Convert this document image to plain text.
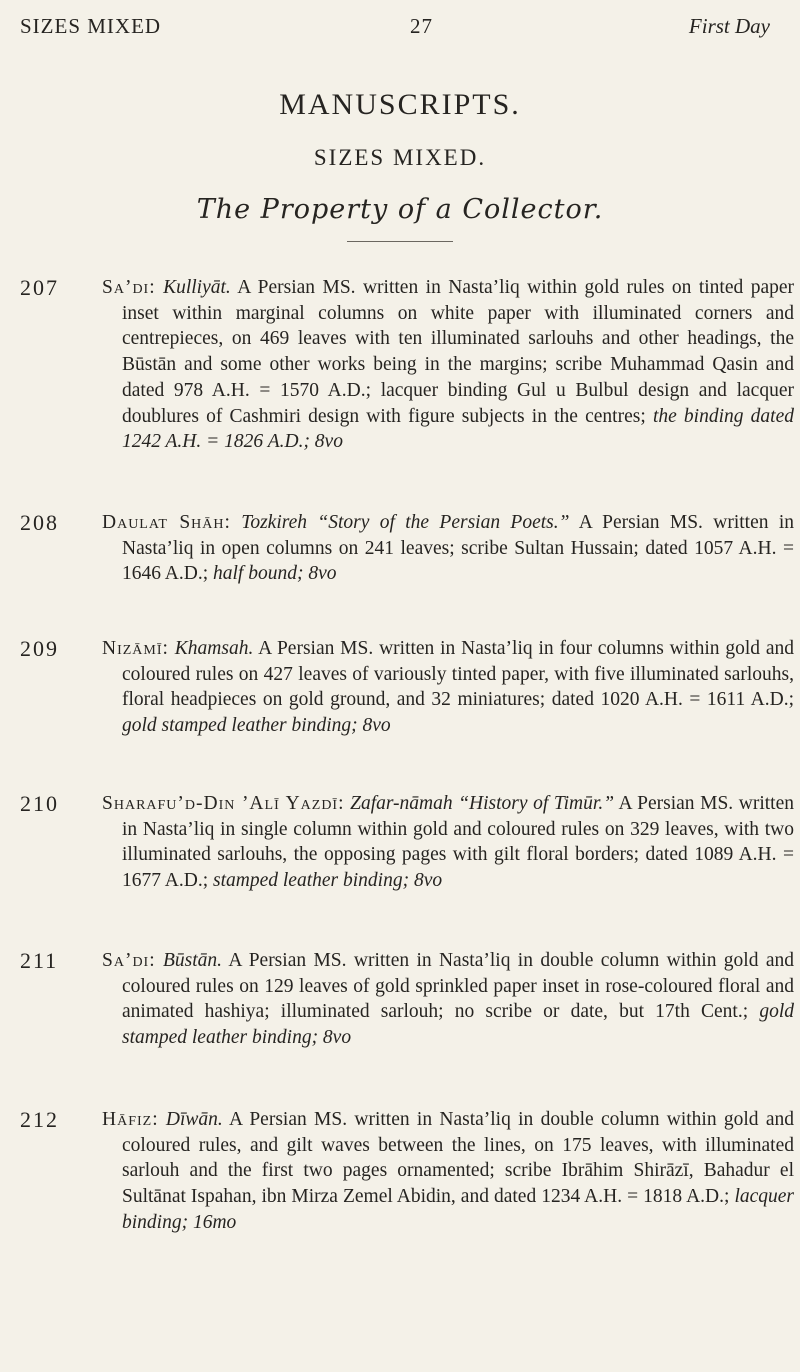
SIZES MIXED	27	First Day
MANUSCRIPTS.
SIZES MIXED.
The Property of a Collector.
207 Sa’di: Kulliyāt. A Persian MS. written in Nasta’liq within gold rules on tinted paper inset within marginal columns on white paper with illuminated corners and centrepieces, on 469 leaves with ten illuminated sarlouhs and other headings, the Būstān and some other works being in the margins; scribe Muhammad Qasin and dated 978 A.H. = 1570 A.D.; lacquer binding Gul u Bulbul design and lacquer doublures of Cashmiri design with figure subjects in the centres; the binding dated 1242 A.H. = 1826 A.D.; 8vo
208 Daulat Shāh: Tozkireh “Story of the Persian Poets.” A Persian MS. written in Nasta’liq in open columns on 241 leaves; scribe Sultan Hussain; dated 1057 A.H. = 1646 A.D.; half bound; 8vo
209 Nizāmī: Khamsah. A Persian MS. written in Nasta’liq in four columns within gold and coloured rules on 427 leaves of variously tinted paper, with five illuminated sarlouhs, floral headpieces on gold ground, and 32 miniatures; dated 1020 A.H. = 1611 A.D.; gold stamped leather binding; 8vo
210 Sharafu’d-Din ’Alī Yazdī: Zafar-nāmah “History of Timūr.” A Persian MS. written in Nasta’liq in single column within gold and coloured rules on 329 leaves, with two illuminated sarlouhs, the opposing pages with gilt floral borders; dated 1089 A.H. = 1677 A.D.; stamped leather binding; 8vo
211 Sa’di: Būstān. A Persian MS. written in Nasta’liq in double column within gold and coloured rules on 129 leaves of gold sprinkled paper inset in rose-coloured floral and animated hashiya; illuminated sarlouh; no scribe or date, but 17th Cent.; gold stamped leather binding; 8vo
212 Hāfiz: Dīwān. A Persian MS. written in Nasta’liq in double column within gold and coloured rules, and gilt waves between the lines, on 175 leaves, with illuminated sarlouh and the first two pages ornamented; scribe Ibrāhim Shirāzī, Bahadur el Sultānat Ispahan, ibn Mirza Zemel Abidin, and dated 1234 A.H. = 1818 A.D.; lacquer binding; 16mo
